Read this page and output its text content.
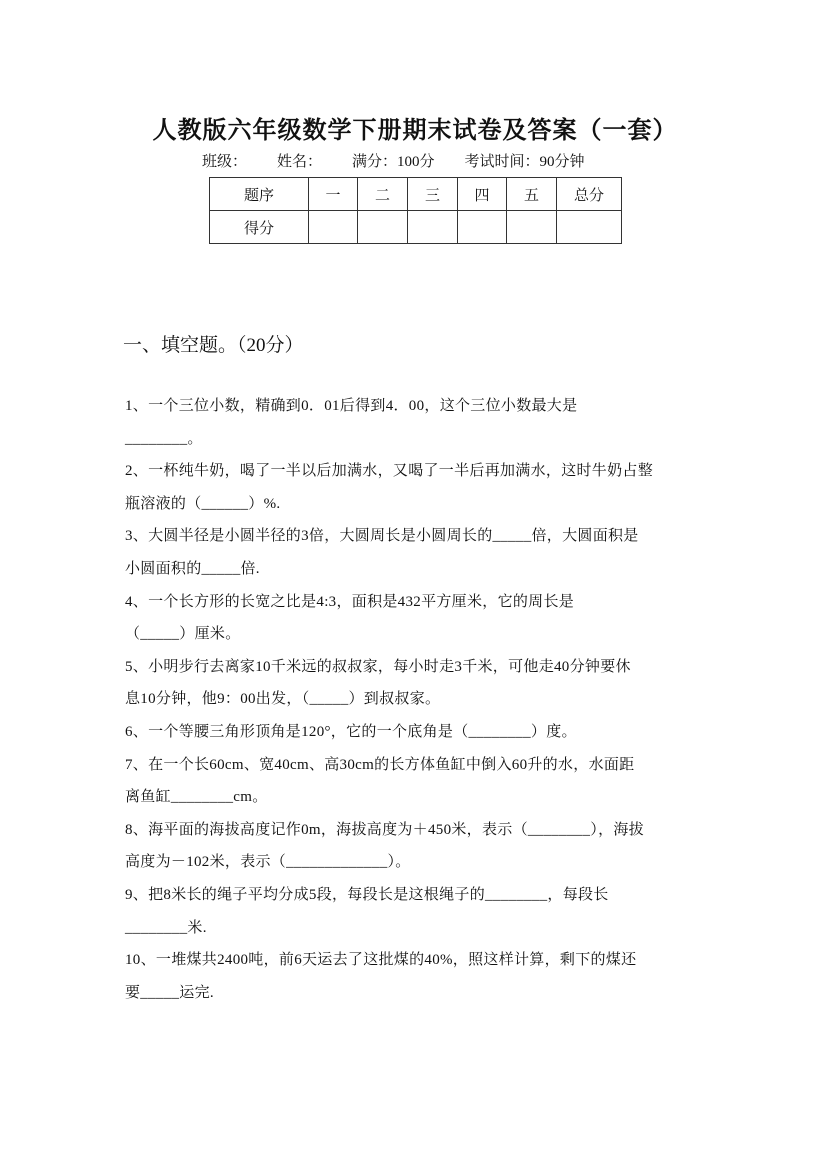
人教版六年级数学下册期末试卷及答案（一套）
班级： 姓名： 满分：100分 考试时间：90分钟
题序	一	二	三	四	五	总分
得分						
一、填空题。（20分）
1、一个三位小数，精确到0．01后得到4．00，这个三位小数最大是
________。
2、一杯纯牛奶，喝了一半以后加满水，又喝了一半后再加满水，这时牛奶占整
瓶溶液的（______）%.
3、大圆半径是小圆半径的3倍，大圆周长是小圆周长的_____倍，大圆面积是
小圆面积的_____倍.
4、一个长方形的长宽之比是4:3，面积是432平方厘米，它的周长是
（_____）厘米。
5、小明步行去离家10千米远的叔叔家，每小时走3千米，可他走40分钟要休
息10分钟，他9：00出发，（_____）到叔叔家。
6、一个等腰三角形顶角是120°，它的一个底角是（________）度。
7、在一个长60cm、宽40cm、高30cm的长方体鱼缸中倒入60升的水，水面距
离鱼缸________cm。
8、海平面的海拔高度记作0m，海拔高度为＋450米，表示（________），海拔
高度为－102米，表示（_____________）。
9、把8米长的绳子平均分成5段，每段长是这根绳子的________，每段长
________米.
10、一堆煤共2400吨，前6天运去了这批煤的40%，照这样计算，剩下的煤还
要_____运完.
